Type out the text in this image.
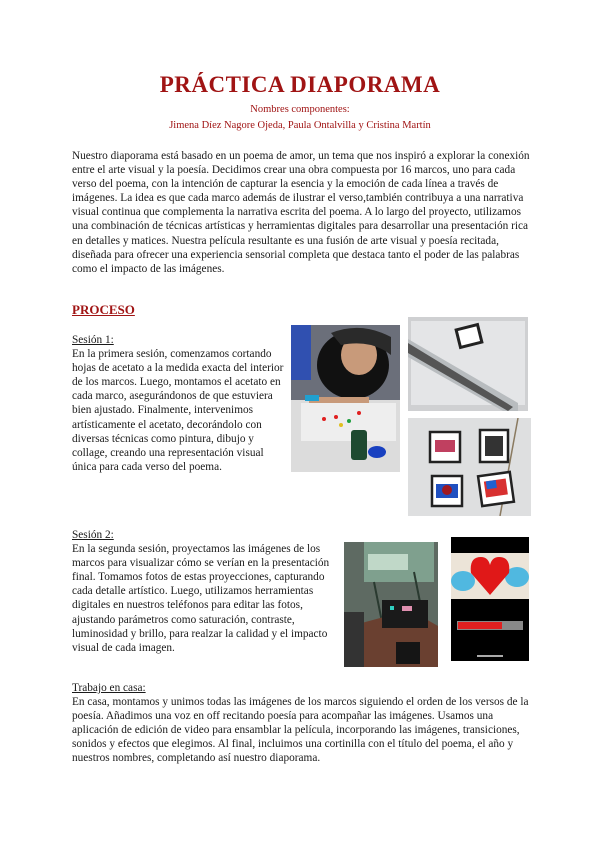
PRÁCTICA DIAPORAMA
Nombres componentes:
Jimena Díez Nagore Ojeda, Paula Ontalvilla y Cristina Martín

Nuestro diaporama está basado en un poema de amor, un tema que nos inspiró a explorar la conexión entre el arte visual y la poesía. Decidimos crear una obra compuesta por 16 marcos, uno para cada verso del poema, con la intención de capturar la esencia y la emoción de cada línea a través de imágenes. La idea es que cada marco además de ilustrar el verso,también contribuya a una narrativa visual continua que complementa la narrativa escrita del poema. A lo largo del proyecto, utilizamos una combinación de técnicas artísticas y herramientas digitales para desarrollar una presentación rica en detalles y matices. Nuestra película resultante es una fusión de arte visual y poesía recitada, diseñada para ofrecer una experiencia sensorial completa que destaca tanto el poder de las palabras como el impacto de las imágenes.

PROCESO
Sesión 1:
En la primera sesión, comenzamos cortando hojas de acetato a la medida exacta del interior de los marcos. Luego, montamos el acetato en cada marco, asegurándonos de que estuviera bien ajustado. Finalmente, intervenimos artísticamente el acetato, decorándolo con diversas técnicas como pintura, dibujo y collage, creando una representación visual única para cada verso del poema.
Sesión 2:
En la segunda sesión, proyectamos las imágenes de los marcos para visualizar cómo se verían en la presentación final. Tomamos fotos de estas proyecciones, capturando cada detalle artístico. Luego, utilizamos herramientas digitales en nuestros teléfonos para editar las fotos, ajustando parámetros como saturación, contraste, luminosidad y brillo, para realzar la calidad y el impacto visual de cada imagen.
Trabajo en casa:
En casa, montamos y unimos todas las imágenes de los marcos siguiendo el orden de los versos de la poesía. Añadimos una voz en off recitando poesía para acompañar las imágenes. Usamos una aplicación de edición de video para ensamblar la película, incorporando las imágenes, transiciones, sonidos y efectos que elegimos. Al final, incluimos una cortinilla con el título del poema, el año y nuestros nombres, completando así nuestro diaporama.
